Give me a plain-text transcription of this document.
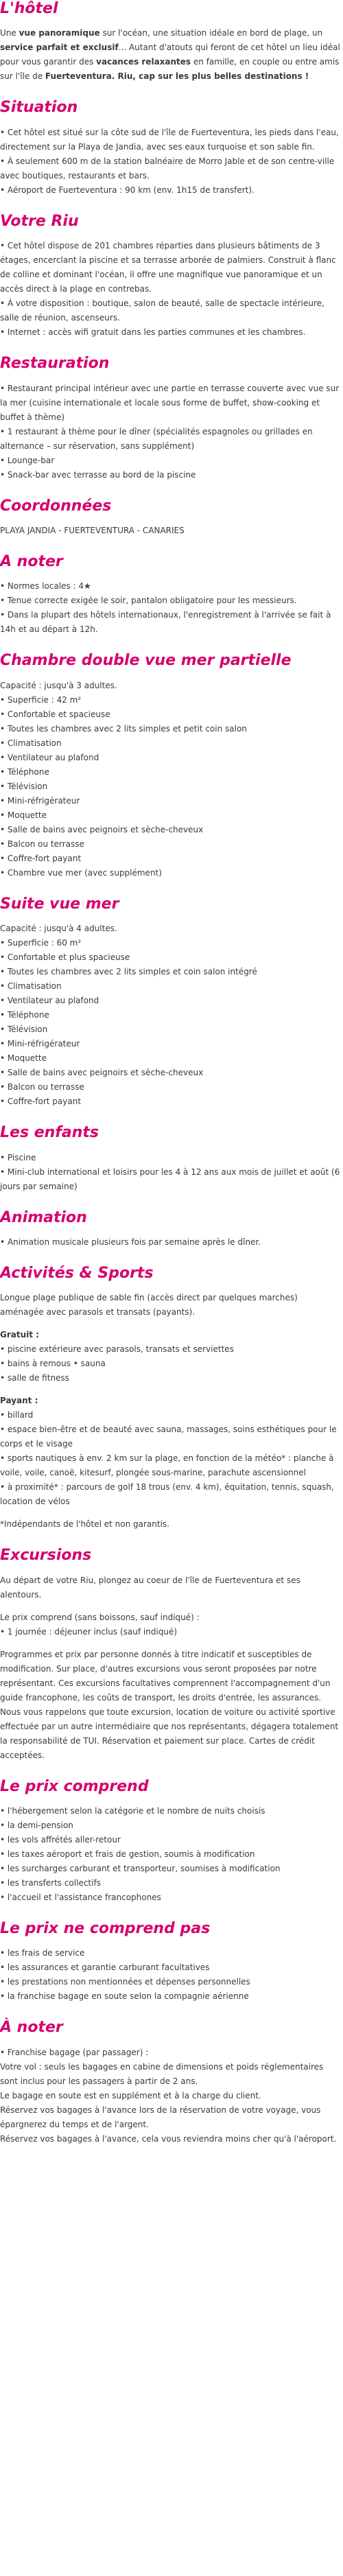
L'hôtel

Une vue panoramique sur l'océan, une situation idéale en bord de plage, un service parfait et exclusif... Autant d'atouts qui feront de cet hôtel un lieu idéal pour vous garantir des vacances relaxantes en famille, en couple ou entre amis sur l'île de Fuerteventura. Riu, cap sur les plus belles destinations !

Situation
• Cet hôtel est situé sur la côte sud de l'île de Fuerteventura, les pieds dans l'eau, directement sur la Playa de Jandia, avec ses eaux turquoise et son sable fin.
• À seulement 600 m de la station balnéaire de Morro Jable et de son centre-ville avec boutiques, restaurants et bars.
• Aéroport de Fuerteventura : 90 km (env. 1h15 de transfert).
Votre Riu
• Cet hôtel dispose de 201 chambres réparties dans plusieurs bâtiments de 3 étages, encerclant la piscine et sa terrasse arborée de palmiers. Construit à flanc de colline et dominant l'océan, il offre une magnifique vue panoramique et un accès direct à la plage en contrebas.
• À votre disposition : boutique, salon de beauté, salle de spectacle intérieure, salle de réunion, ascenseurs.
• Internet : accès wifi gratuit dans les parties communes et les chambres.
Restauration
• Restaurant principal intérieur avec une partie en terrasse couverte avec vue sur la mer (cuisine internationale et locale sous forme de buffet, show-cooking et buffet à thème)
• 1 restaurant à thème pour le dîner (spécialités espagnoles ou grillades en alternance – sur réservation, sans supplément)
• Lounge-bar
• Snack-bar avec terrasse au bord de la piscine
Coordonnées

PLAYA JANDIA - FUERTEVENTURA - CANARIES

A noter
• Normes locales : 4★
• Tenue correcte exigée le soir, pantalon obligatoire pour les messieurs.
• Dans la plupart des hôtels internationaux, l'enregistrement à l'arrivée se fait à 14h et au départ à 12h.
Chambre double vue mer partielle
Capacité : jusqu'à 3 adultes.
• Superficie : 42 m²
• Confortable et spacieuse
• Toutes les chambres avec 2 lits simples et petit coin salon
• Climatisation
• Ventilateur au plafond
• Téléphone
• Télévision
• Mini-réfrigérateur
• Moquette
• Salle de bains avec peignoirs et sèche-cheveux
• Balcon ou terrasse
• Coffre-fort payant
• Chambre vue mer (avec supplément)
Suite vue mer
Capacité : jusqu'à 4 adultes.
• Superficie : 60 m²
• Confortable et plus spacieuse
• Toutes les chambres avec 2 lits simples et coin salon intégré
• Climatisation
• Ventilateur au plafond
• Téléphone
• Télévision
• Mini-réfrigérateur
• Moquette
• Salle de bains avec peignoirs et sèche-cheveux
• Balcon ou terrasse
• Coffre-fort payant
Les enfants
• Piscine
• Mini-club international et loisirs pour les 4 à 12 ans aux mois de juillet et août (6 jours par semaine)
Animation
• Animation musicale plusieurs fois par semaine après le dîner.
Activités & Sports

Longue plage publique de sable fin (accès direct par quelques marches) aménagée avec parasols et transats (payants).

Gratuit :
• piscine extérieure avec parasols, transats et serviettes
• bains à remous • sauna
• salle de fitness
Payant :
• billard
• espace bien-être et de beauté avec sauna, massages, soins esthétiques pour le corps et le visage
• sports nautiques à env. 2 km sur la plage, en fonction de la météo* : planche à voile, voile, canoë, kitesurf, plongée sous-marine, parachute ascensionnel
• à proximité* : parcours de golf 18 trous (env. 4 km), équitation, tennis, squash, location de vélos

*Indépendants de l'hôtel et non garantis.

Excursions

Au départ de votre Riu, plongez au coeur de l'île de Fuerteventura et ses alentours.

Le prix comprend (sans boissons, sauf indiqué) :
• 1 journée : déjeuner inclus (sauf indiqué)

Programmes et prix par personne donnés à titre indicatif et susceptibles de modification. Sur place, d'autres excursions vous seront proposées par notre représentant. Ces excursions facultatives comprennent l'accompagnement d'un guide francophone, les coûts de transport, les droits d'entrée, les assurances. Nous vous rappelons que toute excursion, location de voiture ou activité sportive effectuée par un autre intermédiaire que nos représentants, dégagera totalement la responsabilité de TUI. Réservation et paiement sur place. Cartes de crédit acceptées.

Le prix comprend
• l'hébergement selon la catégorie et le nombre de nuits choisis
• la demi-pension
• les vols affrétés aller-retour
• les taxes aéroport et frais de gestion, soumis à modification
• les surcharges carburant et transporteur, soumises à modification
• les transferts collectifs
• l'accueil et l'assistance francophones
Le prix ne comprend pas
• les frais de service
• les assurances et garantie carburant facultatives
• les prestations non mentionnées et dépenses personnelles
• la franchise bagage en soute selon la compagnie aérienne
À noter
• Franchise bagage (par passager) :
Votre vol : seuls les bagages en cabine de dimensions et poids réglementaires sont inclus pour les passagers à partir de 2 ans.
Le bagage en soute est en supplément et à la charge du client.
Réservez vos bagages à l'avance lors de la réservation de votre voyage, vous épargnerez du temps et de l'argent.
Réservez vos bagages à l'avance, cela vous reviendra moins cher qu'à l'aéroport.
